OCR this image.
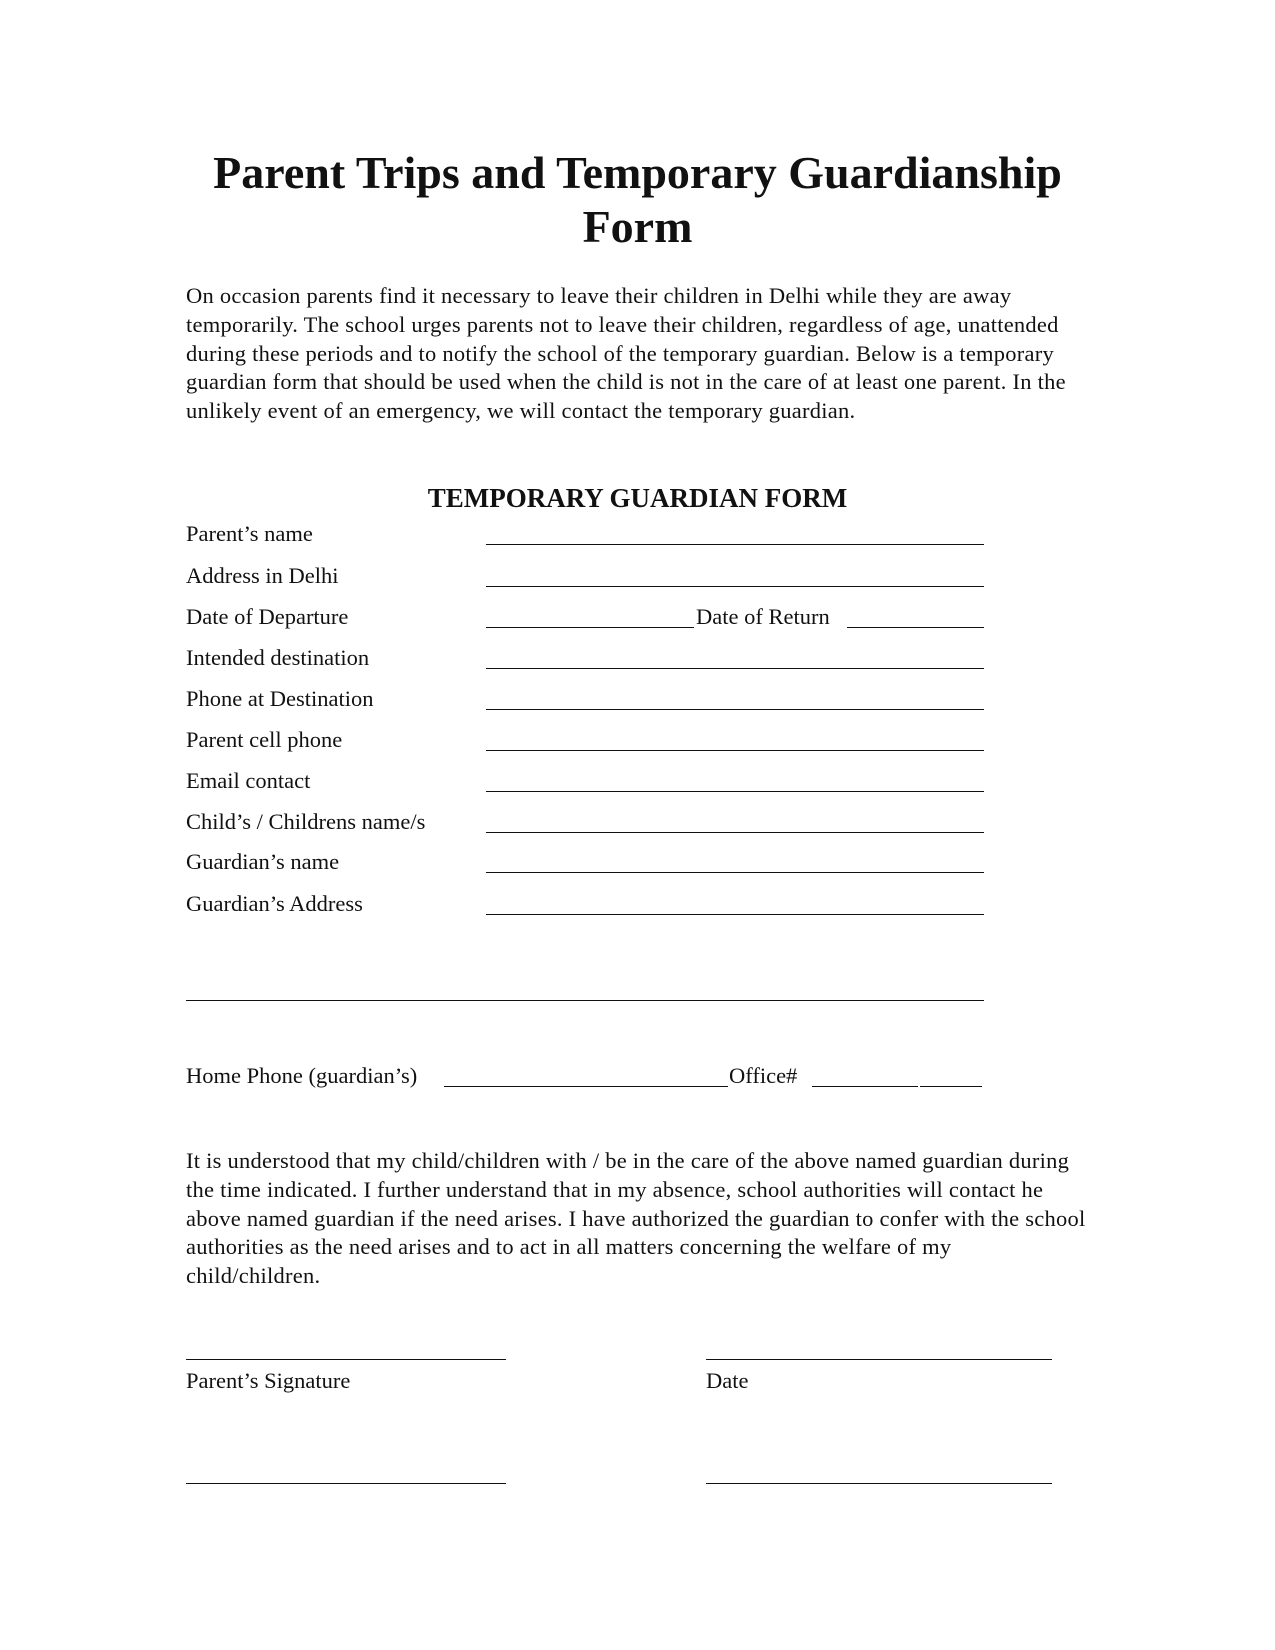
Parent Trips and Temporary Guardianship
Form

On occasion parents find it necessary to leave their children in Delhi while they are away temporarily. The school urges parents not to leave their children, regardless of age, unattended during these periods and to notify the school of the temporary guardian. Below is a temporary guardian form that should be used when the child is not in the care of at least one parent. In the unlikely event of an emergency, we will contact the temporary guardian.

TEMPORARY GUARDIAN FORM
Parent’s name
Address in Delhi
Date of Departure	Date of Return
Intended destination
Phone at Destination
Parent cell phone
Email contact
Child’s / Childrens name/s
Guardian’s name
Guardian’s Address
Home Phone (guardian’s)	Office#

It is understood that my child/children with / be in the care of the above named guardian during the time indicated. I further understand that in my absence, school authorities will contact he above named guardian if the need arises. I have authorized the guardian to confer with the school authorities as the need arises and to act in all matters concerning the welfare of my child/children.

Parent’s Signature	Date
